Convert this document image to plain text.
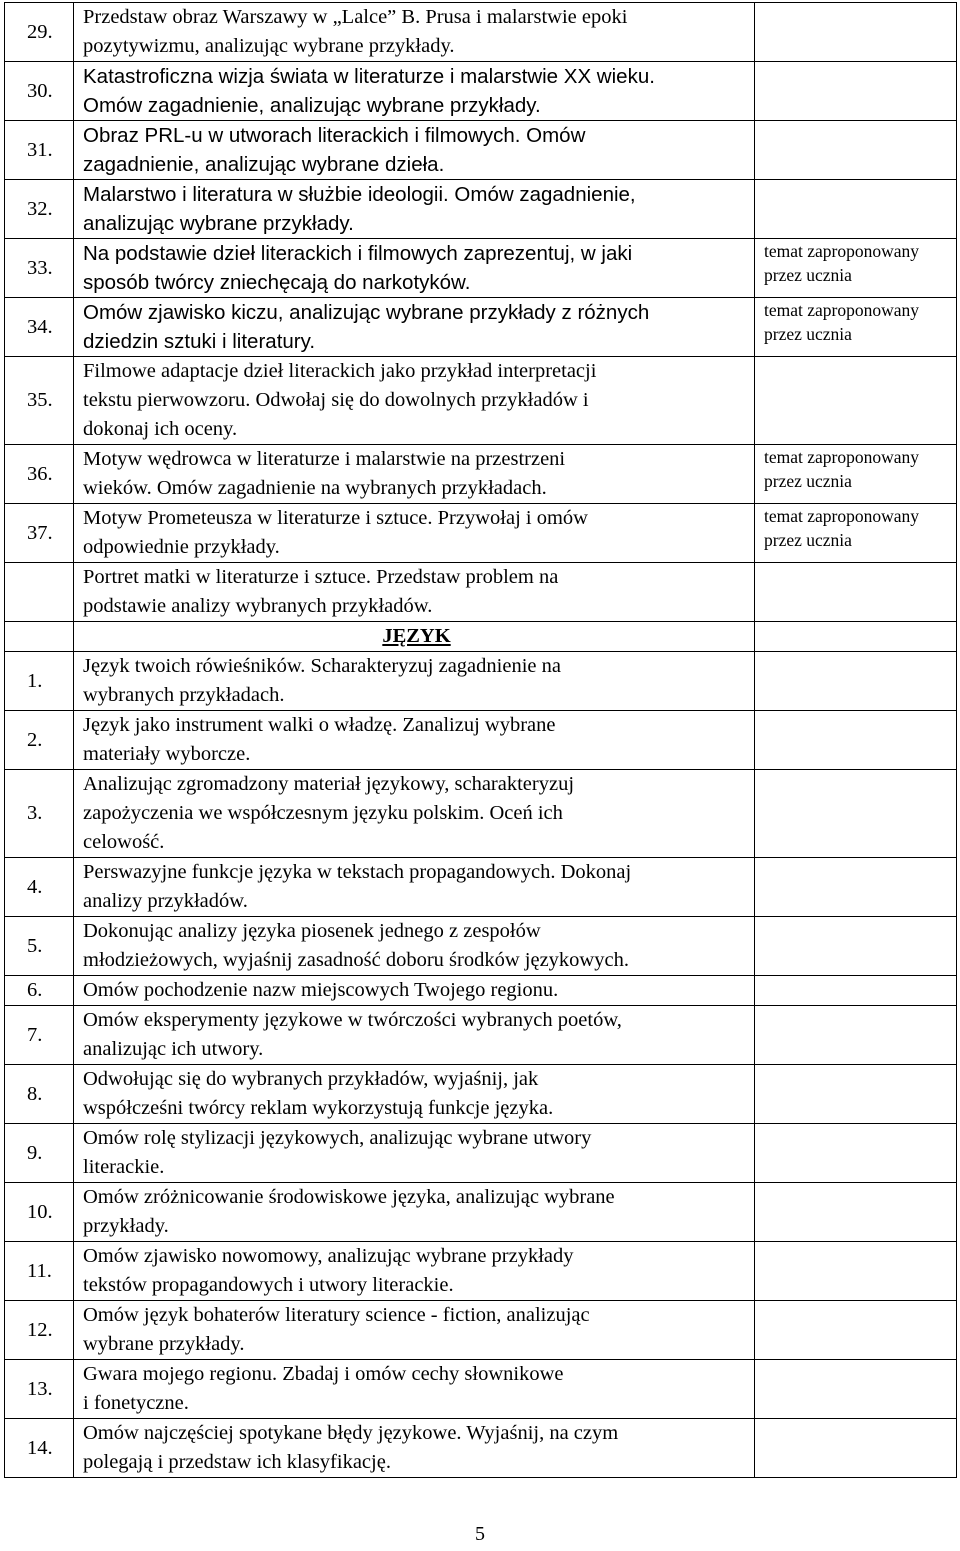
29.	Przedstaw obraz Warszawy w „Lalce” B. Prusa i malarstwie epoki
pozytywizmu, analizując wybrane przykłady.	

30.	Katastroficzna wizja świata w literaturze i malarstwie XX wieku.
Omów zagadnienie, analizując wybrane przykłady.	

31.	Obraz PRL-u w utworach literackich i filmowych. Omów
zagadnienie, analizując wybrane dzieła.	

32.	Malarstwo i literatura w służbie ideologii. Omów zagadnienie,
analizując wybrane przykłady.	

33.	Na podstawie dzieł literackich i filmowych zaprezentuj, w jaki
sposób twórcy zniechęcają do narkotyków.	temat zaproponowany przez ucznia
34.	Omów zjawisko kiczu, analizując wybrane przykłady z różnych
dziedzin sztuki i literatury.	temat zaproponowany przez ucznia
35.	Filmowe adaptacje dzieł literackich jako przykład interpretacji
tekstu pierwowzoru. Odwołaj się do dowolnych przykładów i
dokonaj ich oceny.	

36.	Motyw wędrowca w literaturze i malarstwie na przestrzeni
wieków. Omów zagadnienie na wybranych przykładach.	temat zaproponowany przez ucznia
37.	Motyw Prometeusza w literaturze i sztuce. Przywołaj i omów
odpowiednie przykłady.	temat zaproponowany przez ucznia

	Portret matki w literaturze i sztuce. Przedstaw problem na
podstawie analizy wybranych przykładów.	

	JĘZYK	
1.	Język twoich rówieśników. Scharakteryzuj zagadnienie na
wybranych przykładach.	

2.	Język jako instrument walki o władzę. Zanalizuj wybrane
materiały wyborcze.	

3.	Analizując zgromadzony materiał językowy, scharakteryzuj
zapożyczenia we współczesnym języku polskim. Oceń ich
celowość.	

4.	Perswazyjne funkcje języka w tekstach propagandowych. Dokonaj
analizy przykładów.	

5.	Dokonując analizy języka piosenek jednego z zespołów
młodzieżowych, wyjaśnij zasadność doboru środków językowych.	

6.	Omów pochodzenie nazw miejscowych Twojego regionu.	

7.	Omów eksperymenty językowe w twórczości wybranych poetów,
analizując ich utwory.	

8.	Odwołując się do wybranych przykładów, wyjaśnij, jak
współcześni twórcy reklam wykorzystują funkcje języka.	

9.	Omów rolę stylizacji językowych, analizując wybrane utwory
literackie.	

10.	Omów zróżnicowanie środowiskowe języka, analizując wybrane
przykłady.	

11.	Omów zjawisko nowomowy, analizując wybrane przykłady
tekstów propagandowych i utwory literackie.	

12.	Omów język bohaterów literatury science - fiction, analizując
wybrane przykłady.	

13.	Gwara mojego regionu. Zbadaj i omów cechy słownikowe
i fonetyczne.	

14.	Omów najczęściej spotykane błędy językowe. Wyjaśnij, na czym
polegają i przedstaw ich klasyfikację.	

5
